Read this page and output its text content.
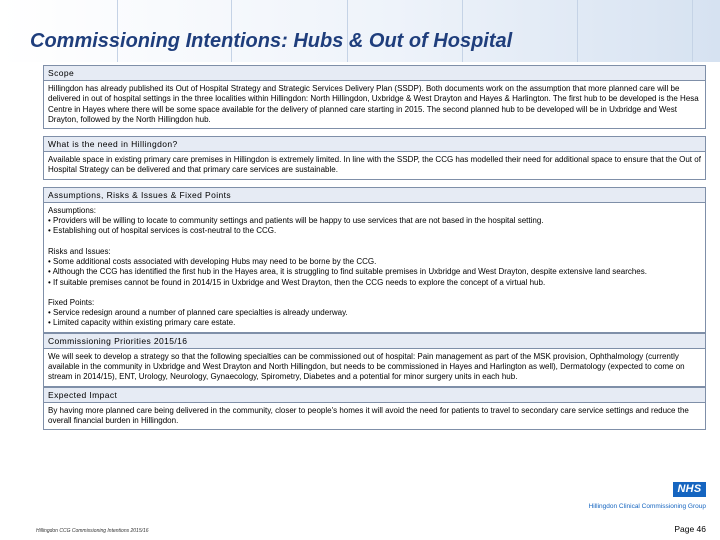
Commissioning Intentions: Hubs & Out of Hospital
Scope

Hillingdon has already published its Out of Hospital Strategy and Strategic Services Delivery Plan (SSDP). Both documents work on the assumption that more planned care will be delivered in out of hospital settings in the three localities within Hillingdon: North Hillingdon, Uxbridge & West Drayton and Hayes & Harlington. The first hub to be developed is the Hesa Centre in Hayes where there will be some space available for the delivery of planned care starting in 2015. The second planned hub to be developed will be in Uxbridge and West Drayton, followed by the North Hillingdon hub.

What is the need in Hillingdon?

Available space in existing primary care premises in Hillingdon is extremely limited. In line with the SSDP, the CCG has modelled their need for additional space to ensure that the Out of Hospital Strategy can be delivered and that primary care services are sustainable.

Assumptions, Risks & Issues & Fixed Points

Assumptions:

• Providers will be willing to locate to community settings and patients will be happy to use services that are not based in the hospital setting.

• Establishing out of hospital services is cost-neutral to the CCG.

Risks and Issues:

• Some additional costs associated with developing Hubs may need to be borne by the CCG.

• Although the CCG has identified the first hub in the Hayes area, it is struggling to find suitable premises in Uxbridge and West Drayton, despite extensive land searches.

• If suitable premises cannot be found in 2014/15 in Uxbridge and West Drayton, then the CCG needs to explore the concept of a virtual hub.

Fixed Points:

• Service redesign around a number of planned care specialties is already underway.

• Limited capacity within existing primary care estate.

Commissioning Priorities 2015/16

We will seek to develop a strategy so that the following specialties can be commissioned out of hospital: Pain management as part of the MSK provision, Ophthalmology (currently available in the community in Uxbridge and West Drayton and North Hillingdon, but needs to be commissioned in Hayes and Harlington as well), Dermatology (expected to come on stream in 2014/15), ENT, Urology, Neurology, Gynaecology, Spirometry, Diabetes and a potential for minor surgery units in each hub.

Expected Impact

By having more planned care being delivered in the community, closer to people's homes it will avoid the need for patients to travel to secondary care service settings and reduce the overall financial burden in Hillingdon.

NHS
Hillingdon Clinical Commissioning Group
Hillingdon CCG Commissioning Intentions 2015/16	Page 46
